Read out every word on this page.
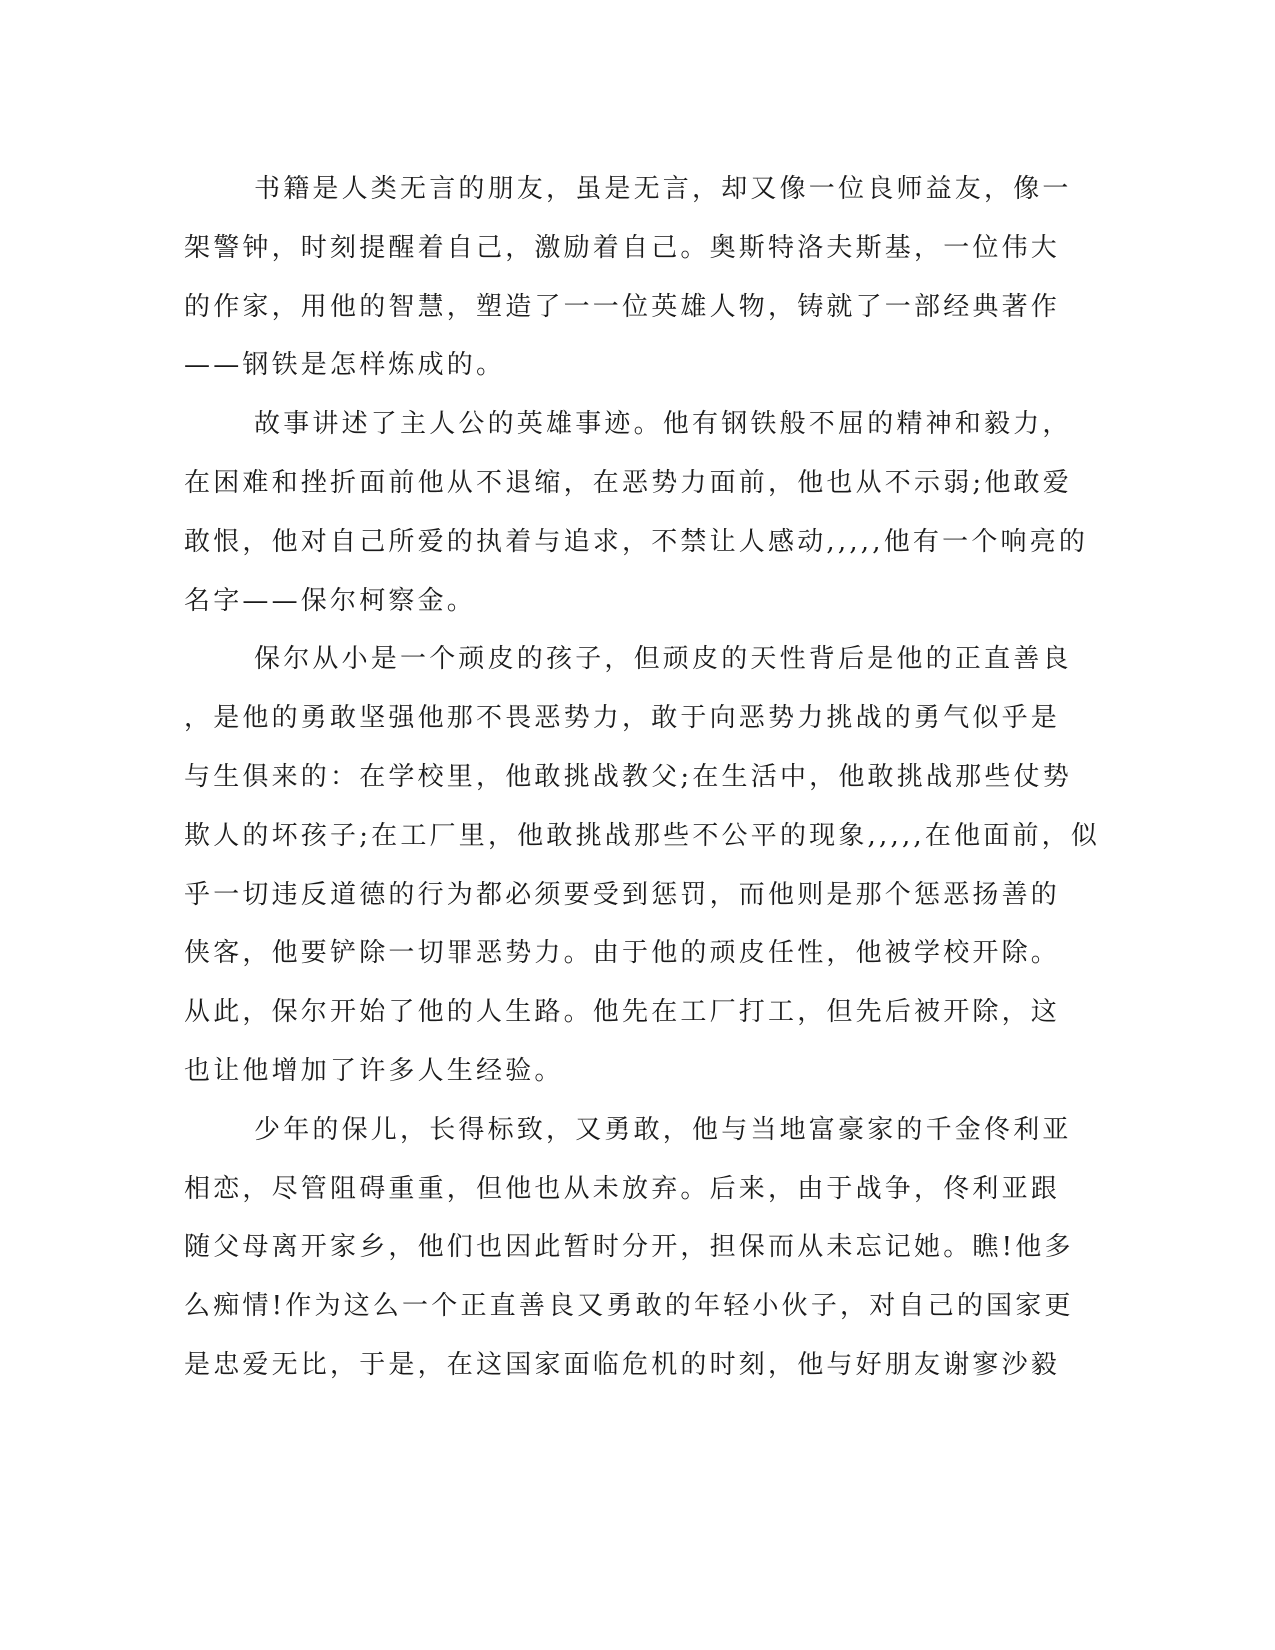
书籍是人类无言的朋友，虽是无言，却又像一位良师益友，像一
架警钟，时刻提醒着自己，激励着自己。奥斯特洛夫斯基，一位伟大
的作家，用他的智慧，塑造了一一位英雄人物，铸就了一部经典著作
——钢铁是怎样炼成的。
故事讲述了主人公的英雄事迹。他有钢铁般不屈的精神和毅力，
在困难和挫折面前他从不退缩，在恶势力面前，他也从不示弱;他敢爱
敢恨，他对自己所爱的执着与追求，不禁让人感动,,,,,他有一个响亮的
名字——保尔柯察金。
保尔从小是一个顽皮的孩子，但顽皮的天性背后是他的正直善良
，是他的勇敢坚强他那不畏恶势力，敢于向恶势力挑战的勇气似乎是
与生俱来的：在学校里，他敢挑战教父;在生活中，他敢挑战那些仗势
欺人的坏孩子;在工厂里，他敢挑战那些不公平的现象,,,,,在他面前，似
乎一切违反道德的行为都必须要受到惩罚，而他则是那个惩恶扬善的
侠客，他要铲除一切罪恶势力。由于他的顽皮任性，他被学校开除。
从此，保尔开始了他的人生路。他先在工厂打工，但先后被开除，这
也让他增加了许多人生经验。
少年的保儿，长得标致，又勇敢，他与当地富豪家的千金佟利亚
相恋，尽管阻碍重重，但他也从未放弃。后来，由于战争，佟利亚跟
随父母离开家乡，他们也因此暂时分开，担保而从未忘记她。瞧!他多
么痴情!作为这么一个正直善良又勇敢的年轻小伙子，对自己的国家更
是忠爱无比，于是，在这国家面临危机的时刻，他与好朋友谢寥沙毅
